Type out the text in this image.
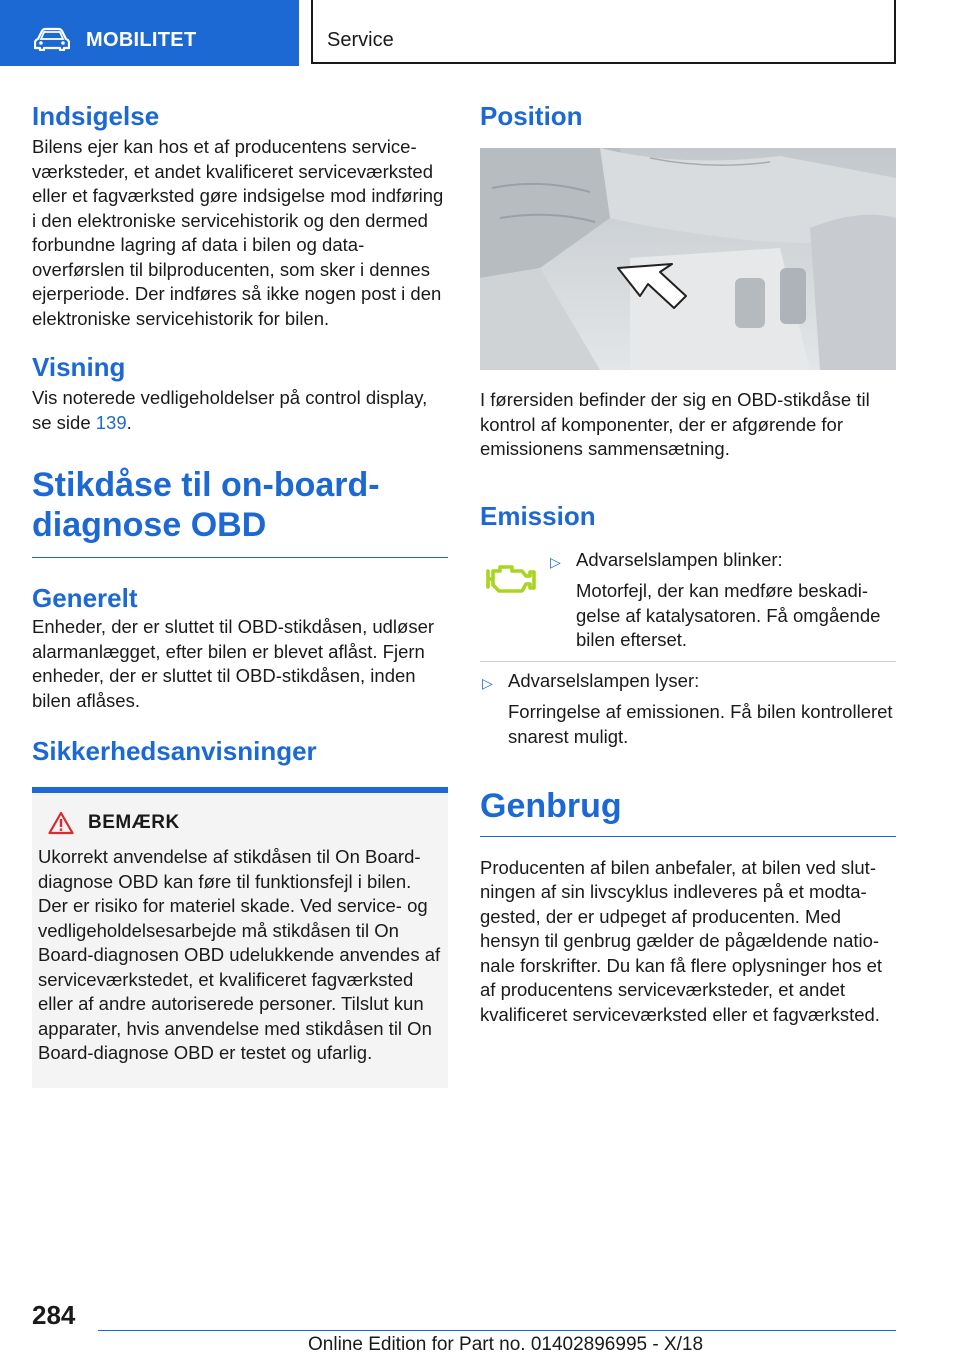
MOBILITET	Service
Indsigelse

Bilens ejer kan hos et af producentens serviceværksteder, et andet kvalificeret serviceværksted eller et fagværksted gøre indsigelse mod indføring i den elektroniske servicehistorik og den dermed forbundne lagring af data i bilen og dataoverførslen til bilproducenten, som sker i dennes ejerperiode. Der indføres så ikke nogen post i den elektroniske servicehistorik for bilen.

Visning

Vis noterede vedligeholdelser på control display, se side 139.

Stikdåse til on-board-diagnose OBD
Generelt

Enheder, der er sluttet til OBD-stikdåsen, udløser alarmanlægget, efter bilen er blevet aflåst. Fjern enheder, der er sluttet til OBD-stikdåsen, inden bilen aflåses.

Sikkerhedsanvisninger
BEMÆRK

Ukorrekt anvendelse af stikdåsen til On Board-diagnose OBD kan føre til funktionsfejl i bilen. Der er risiko for materiel skade. Ved service- og vedligeholdelsesarbejde må stikdåsen til On Board-diagnosen OBD udelukkende anvendes af serviceværkstedet, et kvalificeret fagværksted eller af andre autoriserede personer. Tilslut kun apparater, hvis anvendelse med stikdåsen til On Board-diagnose OBD er testet og ufarlig.

Position

I førersiden befinder der sig en OBD-stikdåse til kontrol af komponenter, der er afgørende for emissionens sammensætning.

Emission
▷ Advarselslampen blinker:
Motorfejl, der kan medføre beskadigelse af katalysatoren. Få omgående bilen efterset.
▷ Advarselslampen lyser:
Forringelse af emissionen. Få bilen kontrolleret snarest muligt.
Genbrug

Producenten af bilen anbefaler, at bilen ved slutningen af sin livscyklus indleveres på et modtagested, der er udpeget af producenten. Med hensyn til genbrug gælder de pågældende nationale forskrifter. Du kan få flere oplysninger hos et af producentens serviceværksteder, et andet kvalificeret serviceværksted eller et fagværksted.

284
Online Edition for Part no. 01402896995 - X/18
